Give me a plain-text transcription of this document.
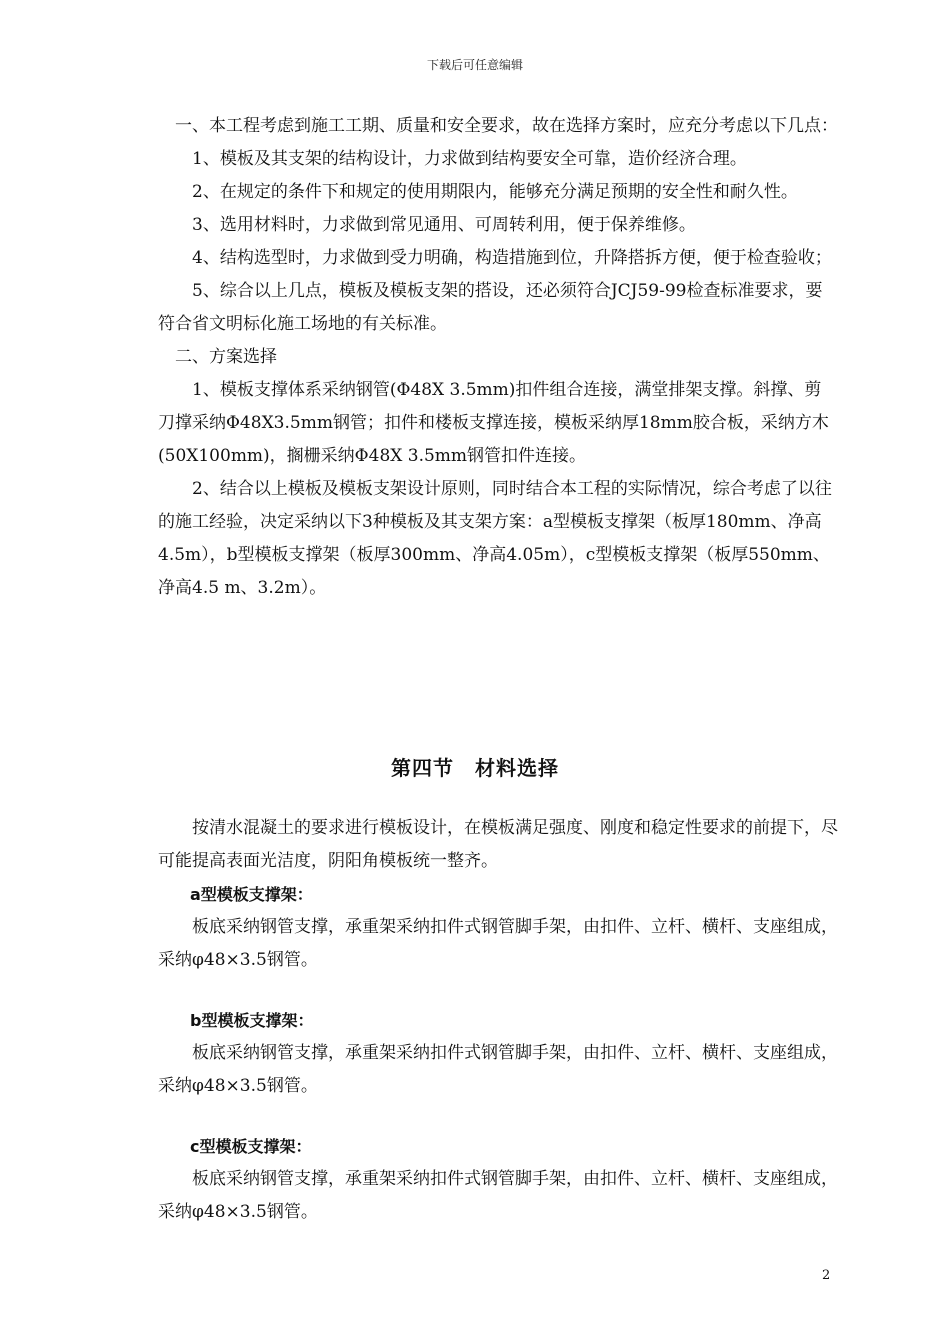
下载后可任意编辑

　一、本工程考虑到施工工期、质量和安全要求，故在选择方案时，应充分考虑以下几点：

　　1、模板及其支架的结构设计，力求做到结构要安全可靠，造价经济合理。

　　2、在规定的条件下和规定的使用期限内，能够充分满足预期的安全性和耐久性。

　　3、选用材料时，力求做到常见通用、可周转利用，便于保养维修。

　　4、结构选型时，力求做到受力明确，构造措施到位，升降搭拆方便，便于检查验收；

　　5、综合以上几点，模板及模板支架的搭设，还必须符合JCJ59-99检查标准要求，要符合省文明标化施工场地的有关标准。

　二、方案选择

　　1、模板支撑体系采纳钢管(Φ48X 3.5mm)扣件组合连接，满堂排架支撑。斜撑、剪刀撑采纳Φ48X3.5mm钢管；扣件和楼板支撑连接，模板采纳厚18mm胶合板，采纳方木(50X100mm)，搁栅采纳Φ48X 3.5mm钢管扣件连接。

　　2、结合以上模板及模板支架设计原则，同时结合本工程的实际情况，综合考虑了以往的施工经验，决定采纳以下3种模板及其支架方案：a型模板支撑架（板厚180mm、净高4.5m），b型模板支撑架（板厚300mm、净高4.05m），c型模板支撑架（板厚550mm、净高4.5 m、3.2m）。

第四节　材料选择

　　按清水混凝土的要求进行模板设计，在模板满足强度、刚度和稳定性要求的前提下，尽可能提高表面光洁度，阴阳角模板统一整齐。

　　a型模板支撑架：

　　板底采纳钢管支撑，承重架采纳扣件式钢管脚手架，由扣件、立杆、横杆、支座组成，采纳φ48×3.5钢管。

　　b型模板支撑架：

　　板底采纳钢管支撑，承重架采纳扣件式钢管脚手架，由扣件、立杆、横杆、支座组成，采纳φ48×3.5钢管。

　　c型模板支撑架：

　　板底采纳钢管支撑，承重架采纳扣件式钢管脚手架，由扣件、立杆、横杆、支座组成，采纳φ48×3.5钢管。

2
